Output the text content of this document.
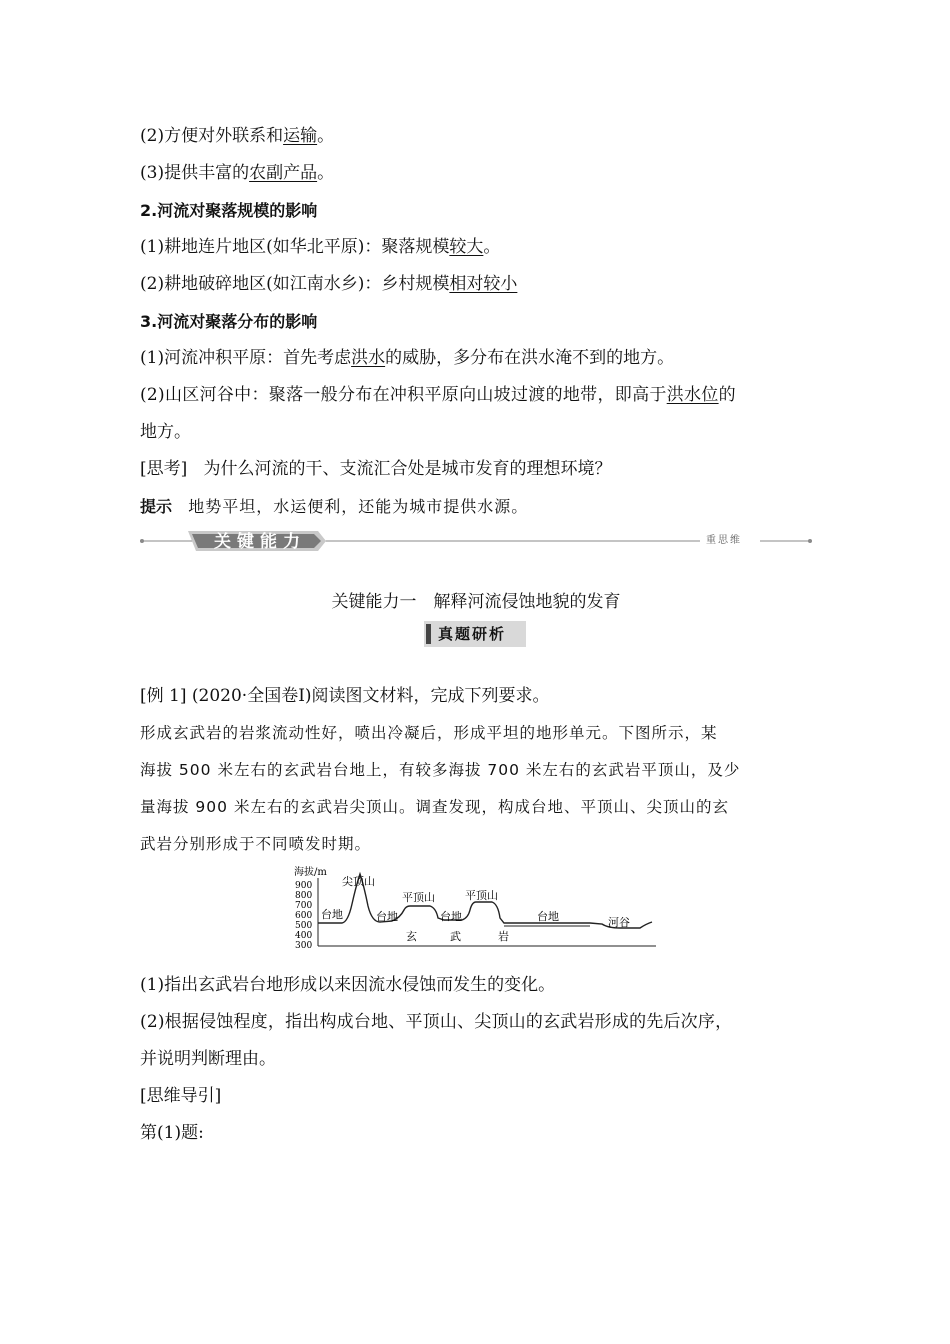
(2)方便对外联系和运输。
(3)提供丰富的农副产品。
2.河流对聚落规模的影响
(1)耕地连片地区(如华北平原)：聚落规模较大。
(2)耕地破碎地区(如江南水乡)：乡村规模相对较小
3.河流对聚落分布的影响
(1)河流冲积平原：首先考虑洪水的威胁，多分布在洪水淹不到的地方。
(2)山区河谷中：聚落一般分布在冲积平原向山坡过渡的地带，即高于洪水位的
地方。
[思考] 为什么河流的干、支流汇合处是城市发育的理想环境？
提示 地势平坦，水运便利，还能为城市提供水源。
关键能力	重思维
关键能力一　解释河流侵蚀地貌的发育
真题研析
[例 1] (2020·全国卷Ⅰ)阅读图文材料，完成下列要求。
形成玄武岩的岩浆流动性好，喷出冷凝后，形成平坦的地形单元。下图所示，某
海拔 500 米左右的玄武岩台地上，有较多海拔 700 米左右的玄武岩平顶山，及少
量海拔 900 米左右的玄武岩尖顶山。调查发现，构成台地、平顶山、尖顶山的玄
武岩分别形成于不同喷发时期。
海拔/m
900
800
700
600
500
400
300
尖顶山
台地	台地
平顶山
台地
平顶山
台地	河谷
玄	武	岩
(1)指出玄武岩台地形成以来因流水侵蚀而发生的变化。
(2)根据侵蚀程度，指出构成台地、平顶山、尖顶山的玄武岩形成的先后次序，
并说明判断理由。
[思维导引]
第(1)题:
